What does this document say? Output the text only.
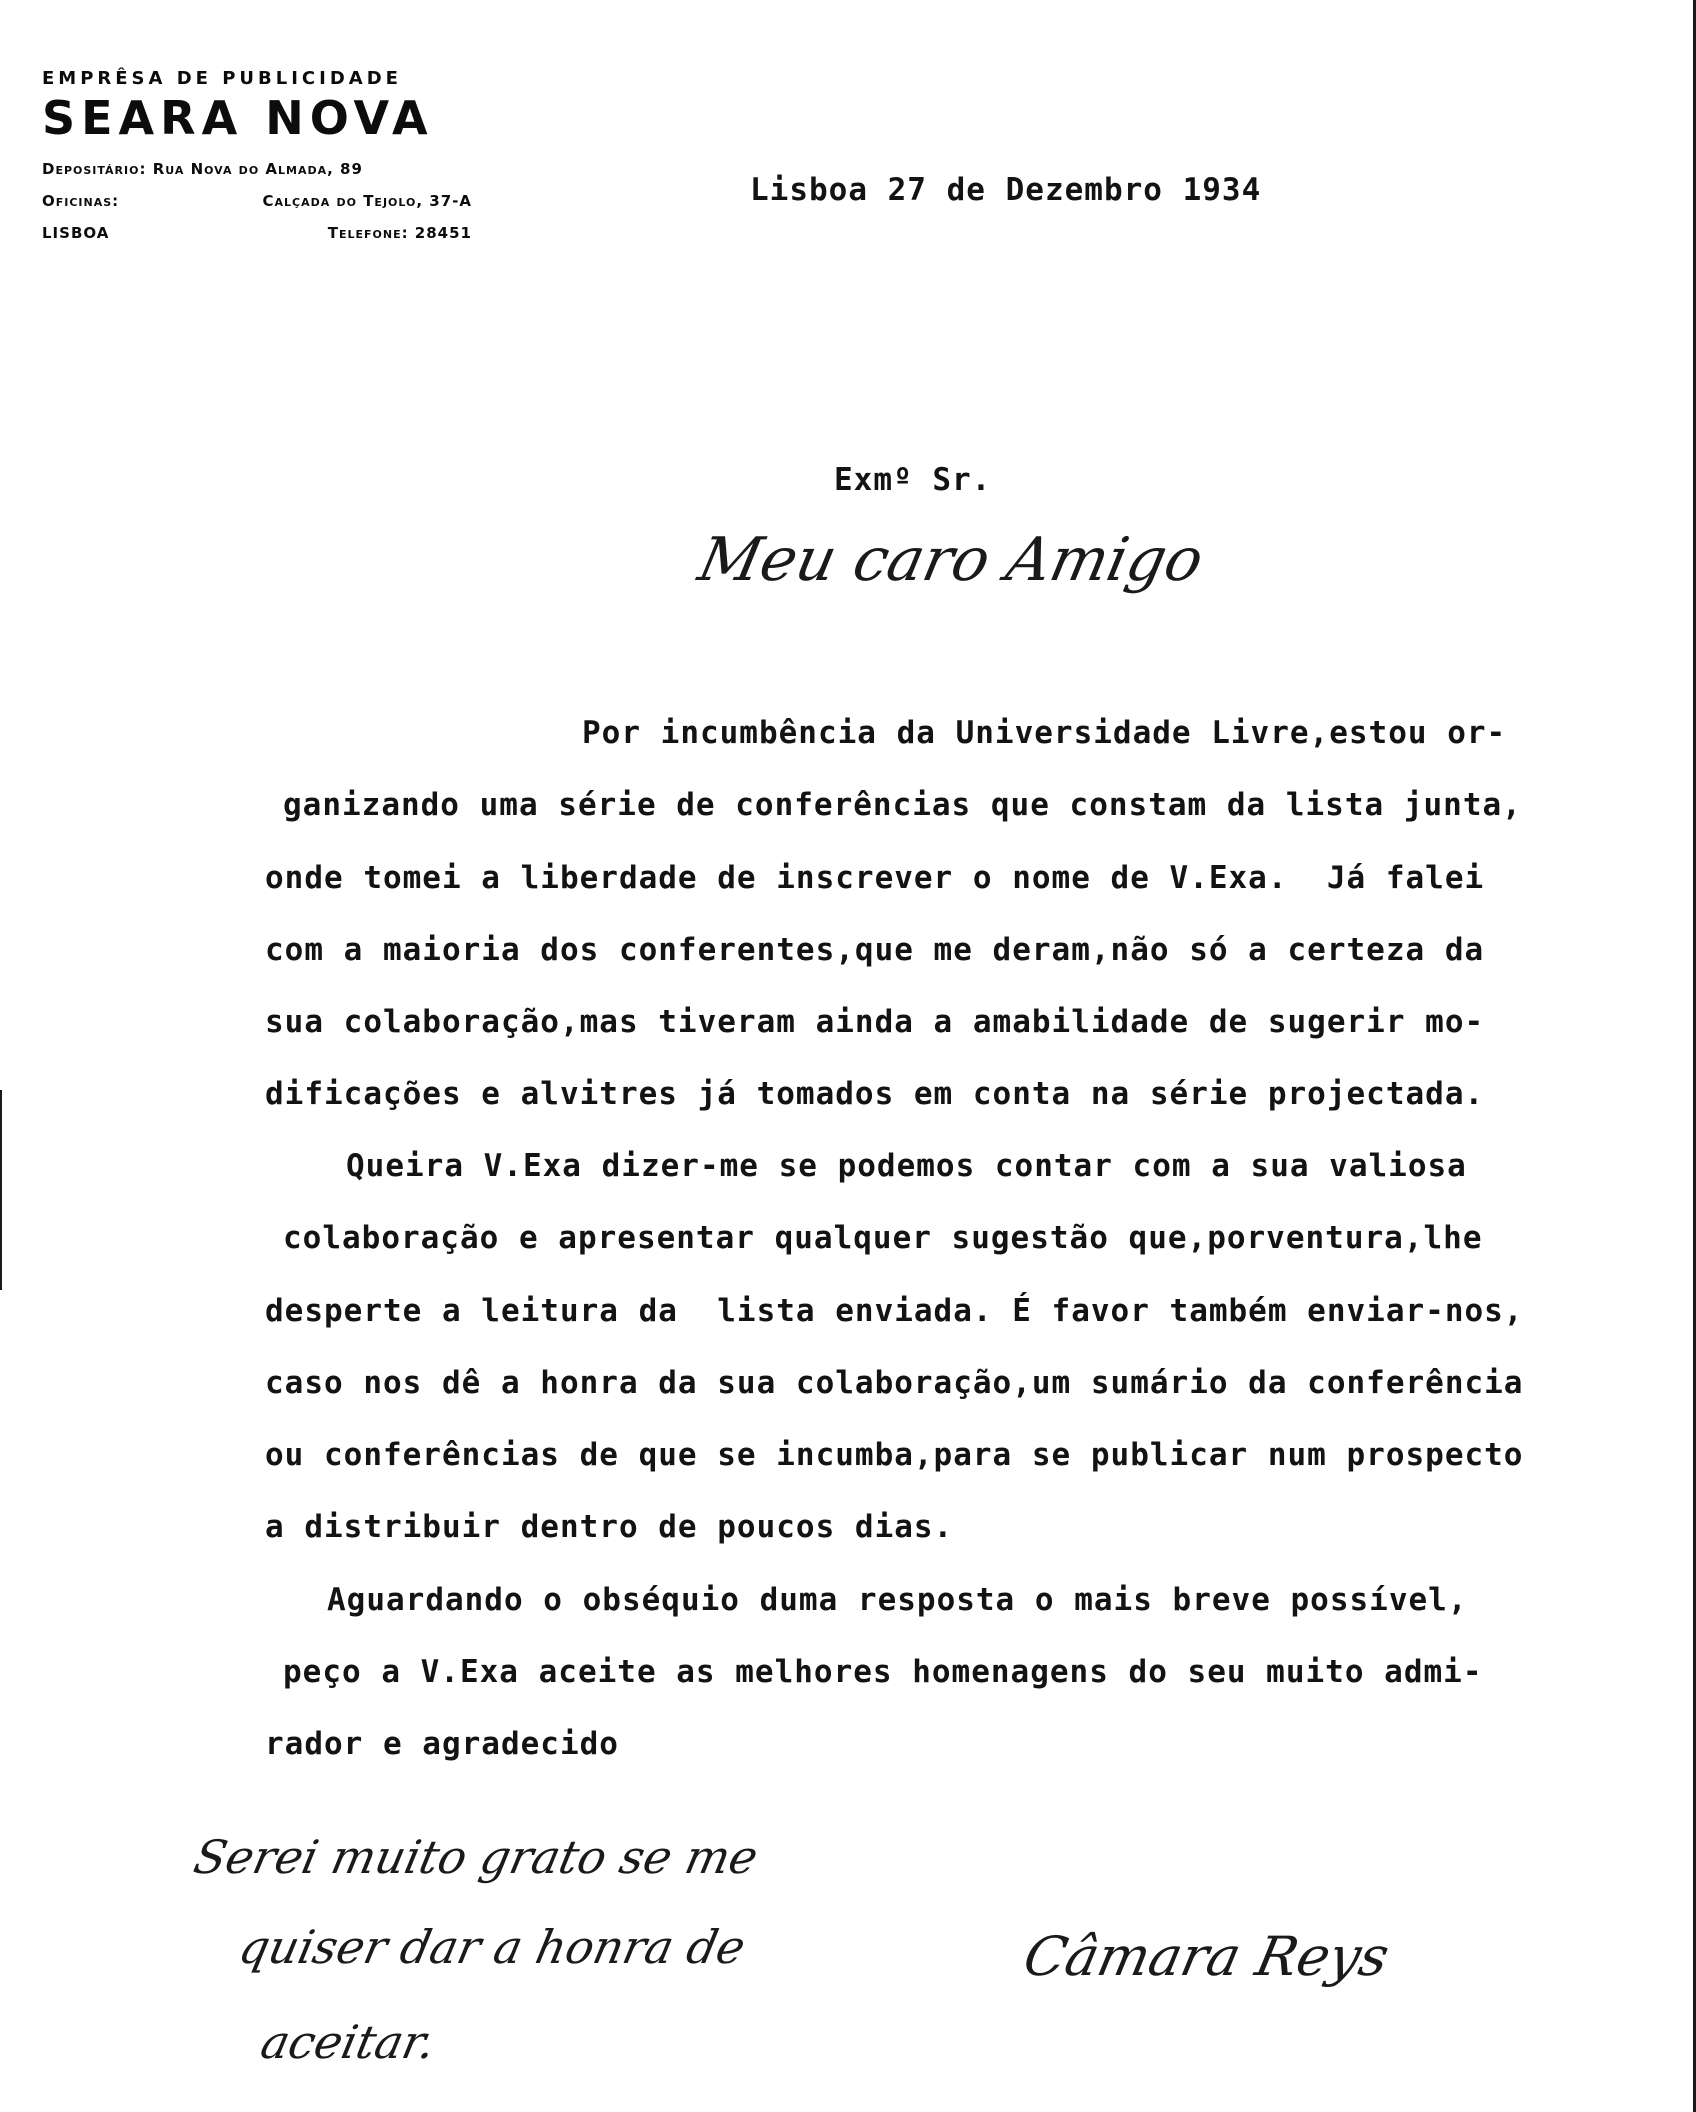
EMPRÊSA DE PUBLICIDADE
SEARA NOVA
Depositário: Rua Nova do Almada, 89
Oficinas:	Calçada do Tejolo, 37-A
LISBOA	Telefone: 28451
Lisboa 27 de Dezembro 1934
Exmº Sr.
Meu caro Amigo
Por incumbência da Universidade Livre,estou or-
ganizando uma série de conferências que constam da lista junta,
onde tomei a liberdade de inscrever o nome de V.Exa.  Já falei
com a maioria dos conferentes,que me deram,não só a certeza da
sua colaboração,mas tiveram ainda a amabilidade de sugerir mo-
dificações e alvitres já tomados em conta na série projectada.
Queira V.Exa dizer-me se podemos contar com a sua valiosa
colaboração e apresentar qualquer sugestão que,porventura,lhe
desperte a leitura da  lista enviada. É favor também enviar-nos,
caso nos dê a honra da sua colaboração,um sumário da conferência
ou conferências de que se incumba,para se publicar num prospecto
a distribuir dentro de poucos dias.
Aguardando o obséquio duma resposta o mais breve possível,
peço a V.Exa aceite as melhores homenagens do seu muito admi-
rador e agradecido
Serei muito grato se me
quiser dar a honra de
aceitar.
Câmara Reys
